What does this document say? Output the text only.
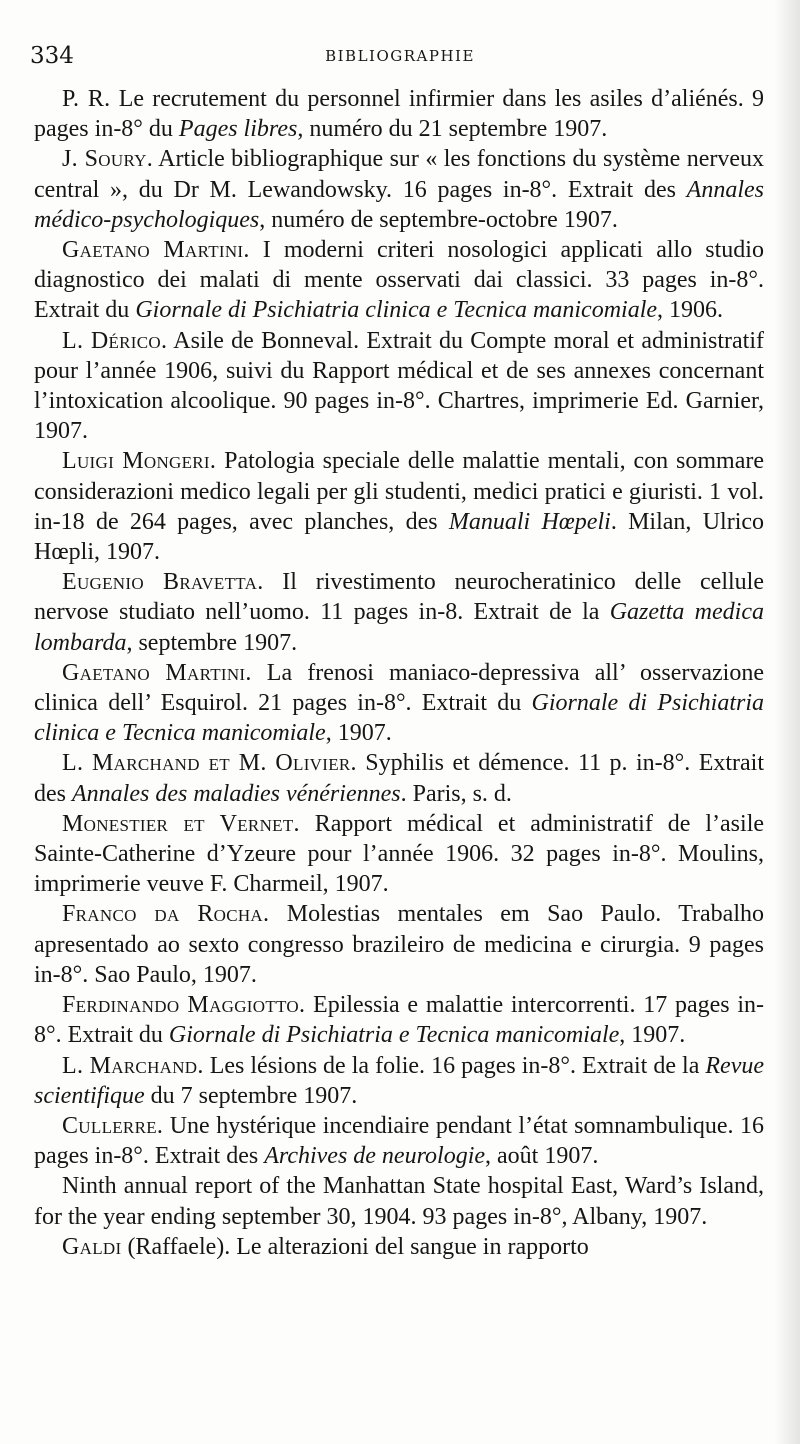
334	BIBLIOGRAPHIE

P. R. Le recrutement du personnel infirmier dans les asiles d’aliénés. 9 pages in-8° du Pages libres, numéro du 21 septembre 1907.

J. Soury. Article bibliographique sur « les fonctions du système nerveux central », du Dr M. Lewandowsky. 16 pages in-8°. Extrait des Annales médico-psychologiques, numéro de septembre-octobre 1907.

Gaetano Martini. I moderni criteri nosologici applicati allo studio diagnostico dei malati di mente osservati dai classici. 33 pages in-8°. Extrait du Giornale di Psichiatria clinica e Tecnica manicomiale, 1906.

L. Dérico. Asile de Bonneval. Extrait du Compte moral et administratif pour l’année 1906, suivi du Rapport médical et de ses annexes concernant l’intoxication alcoolique. 90 pages in-8°. Chartres, imprimerie Ed. Garnier, 1907.

Luigi Mongeri. Patologia speciale delle malattie mentali, con sommare considerazioni medico legali per gli studenti, medici pratici e giuristi. 1 vol. in-18 de 264 pages, avec planches, des Manuali Hœpeli. Milan, Ulrico Hœpli, 1907.

Eugenio Bravetta. Il rivestimento neurocheratinico delle cellule nervose studiato nell’uomo. 11 pages in-8. Extrait de la Gazetta medica lombarda, septembre 1907.

Gaetano Martini. La frenosi maniaco-depressiva all’ osservazione clinica dell’ Esquirol. 21 pages in-8°. Extrait du Giornale di Psichiatria clinica e Tecnica manicomiale, 1907.

L. Marchand et M. Olivier. Syphilis et démence. 11 p. in-8°. Extrait des Annales des maladies vénériennes. Paris, s. d.

Monestier et Vernet. Rapport médical et administratif de l’asile Sainte-Catherine d’Yzeure pour l’année 1906. 32 pages in-8°. Moulins, imprimerie veuve F. Charmeil, 1907.

Franco da Rocha. Molestias mentales em Sao Paulo. Trabalho apresentado ao sexto congresso brazileiro de medicina e cirurgia. 9 pages in-8°. Sao Paulo, 1907.

Ferdinando Maggiotto. Epilessia e malattie intercorrenti. 17 pages in-8°. Extrait du Giornale di Psichiatria e Tecnica manicomiale, 1907.

L. Marchand. Les lésions de la folie. 16 pages in-8°. Extrait de la Revue scientifique du 7 septembre 1907.

Cullerre. Une hystérique incendiaire pendant l’état somnambulique. 16 pages in-8°. Extrait des Archives de neurologie, août 1907.

Ninth annual report of the Manhattan State hospital East, Ward’s Island, for the year ending september 30, 1904. 93 pages in-8°, Albany, 1907.

Galdi (Raffaele). Le alterazioni del sangue in rapporto
